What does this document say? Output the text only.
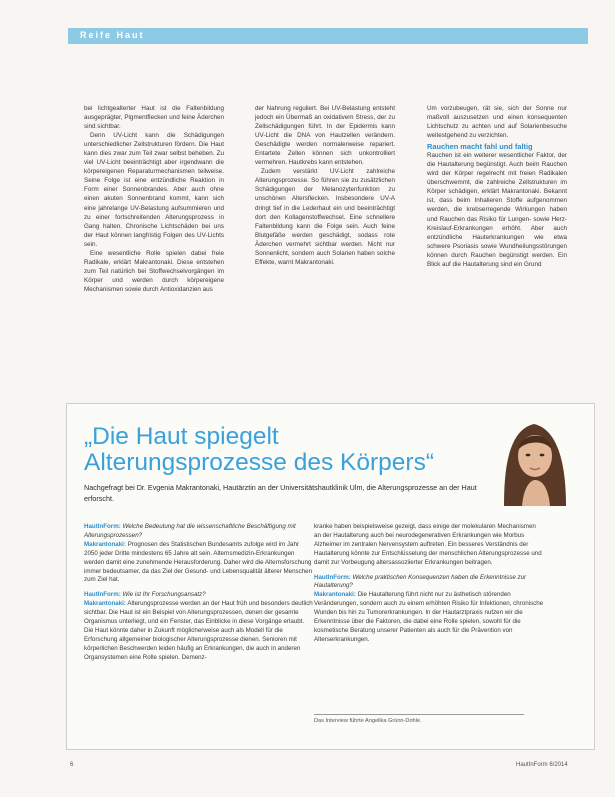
Reife Haut

bei lichtgealterter Haut ist die Faltenbildung ausgeprägter, Pigmentflecken und feine Äderchen sind sichtbar.

Denn UV-Licht kann die Schädigungen unterschiedlicher Zellstrukturen fördern. Die Haut kann dies zwar zum Teil zwar selbst beheben. Zu viel UV-Licht beeinträchtigt aber irgendwann die körpereigenen Reparaturmechanismen teilweise. Seine Folge ist eine entzündliche Reaktion in Form einer Sonnenbrandes. Aber auch ohne einen akuten Sonnenbrand kommt, kann sich eine jahrelange UV-Belastung aufsummieren und zu einer fortschreitenden Alterungsprozess in Gang halten. Chronische Lichtschäden bei uns der Haut können langfristig Folgen des UV-Lichts sein.

Eine wesentliche Rolle spielen dabei freie Radikale, erklärt Makrantonaki. Diese entstehen zum Teil natürlich bei Stoffwechselvorgängen im Körper und werden durch körpereigene Mechanismen sowie durch Antioxidanzien aus

der Nahrung reguliert. Bei UV-Belastung entsteht jedoch ein Übermaß an oxidativem Stress, der zu Zellschädigungen führt. In der Epidermis kann UV-Licht die DNA von Hautzellen verändern. Geschädigte werden normalerweise repariert. Entartete Zellen können sich unkontrolliert vermehren. Hautkrebs kann entstehen.

Zudem verstärkt UV-Licht zahlreiche Alterungsprozesse. So führen sie zu zusätzlichen Schädigungen der Melanozytenfunktion zu unschönen Altersflecken. Insbesondere UV-A dringt tief in die Lederhaut ein und beeinträchtigt dort den Kollagenstoffwechsel. Eine schnellere Faltenbildung kann die Folge sein. Auch feine Blutgefäße werden geschädigt, sodass rote Äderchen vermehrt sichtbar werden. Nicht nur Sonnenlicht, sondern auch Solarien haben solche Effekte, warnt Makrantonaki.

Um vorzubeugen, rät sie, sich der Sonne nur maßvoll auszusetzen und einen konsequenten Lichtschutz zu achten und auf Solarienbesuche weitestgehend zu verzichten.

Rauchen macht fahl und faltig

Rauchen ist ein weiterer wesentlicher Faktor, der die Hautalterung begünstigt. Auch beim Rauchen wird der Körper regelrecht mit freien Radikalen überschwemmt, die zahlreiche Zellstrukturen im Körper schädigen, erklärt Makrantonaki. Bekannt ist, dass beim Inhalieren Stoffe aufgenommen werden, die krebserregende Wirkungen haben und Rauchen das Risiko für Lungen- sowie Herz-Kreislauf-Erkrankungen erhöht. Aber auch entzündliche Hauterkrankungen wie etwa schwere Psoriasis sowie Wundheilungsstörungen können durch Rauchen begünstigt werden. Ein Blick auf die Hautalterung sind ein Grund

„Die Haut spiegelt
Alterungsprozesse des Körpers“
Nachgefragt bei Dr. Evgenia Makrantonaki, Hautärztin an der Universitätshautklinik Ulm, die Alterungsprozesse an der Haut erforscht.

HautInForm: Welche Bedeutung hat die wissenschaftliche Beschäftigung mit Alterungsprozessen?
Makrantonaki: Prognosen des Statistischen Bundesamts zufolge wird im Jahr 2050 jeder Dritte mindestens 65 Jahre alt sein. Alternsmedizin-Erkrankungen werden damit eine zunehmende Herausforderung. Daher wird die Alternsforschung immer bedeutsamer, da das Ziel der Gesund- und Lebensqualität älterer Menschen zum Ziel hat.

HautInForm: Wie ist Ihr Forschungsansatz?
Makrantonaki: Alterungsprozesse werden an der Haut früh und besonders deutlich sichtbar. Die Haut ist ein Beispiel von Alterungsprozessen, denen der gesamte Organismus unterliegt, und ein Fenster, das Einblicke in diese Vorgänge erlaubt. Die Haut könnte daher in Zukunft möglicherweise auch als Modell für die Erforschung allgemeiner biologischer Alterungsprozesse dienen. Senioren mit körperlichen Beschwerden leiden häufig an Erkrankungen, die auch in anderen Organsystemen eine Rolle spielen. Demenz-

kranke haben beispielsweise gezeigt, dass einige der molekularen Mechanismen an der Hautalterung auch bei neurodegenerativen Erkrankungen wie Morbus Alzheimer im zentralen Nervensystem auftreten. Ein besseres Verständnis der Hautalterung könnte zur Entschlüsselung der menschlichen Alterungsprozesse und damit zur Vorbeugung altersassoziierter Erkrankungen beitragen.

HautInForm: Welche praktischen Konsequenzen haben die Erkenntnisse zur Hautalterung?
Makrantonaki: Die Hautalterung führt nicht nur zu ästhetisch störenden Veränderungen, sondern auch zu einem erhöhten Risiko für Infektionen, chronische Wunden bis hin zu Tumorerkrankungen. In der Hautarztpraxis nutzen wir die Erkenntnisse über die Faktoren, die dabei eine Rolle spielen, sowohl für die kosmetische Beratung unserer Patienten als auch für die Prävention von Alterserkrankungen.

Das Interview führte Angelika Grünn-Dohle.
6	HautInForm 6/2014
